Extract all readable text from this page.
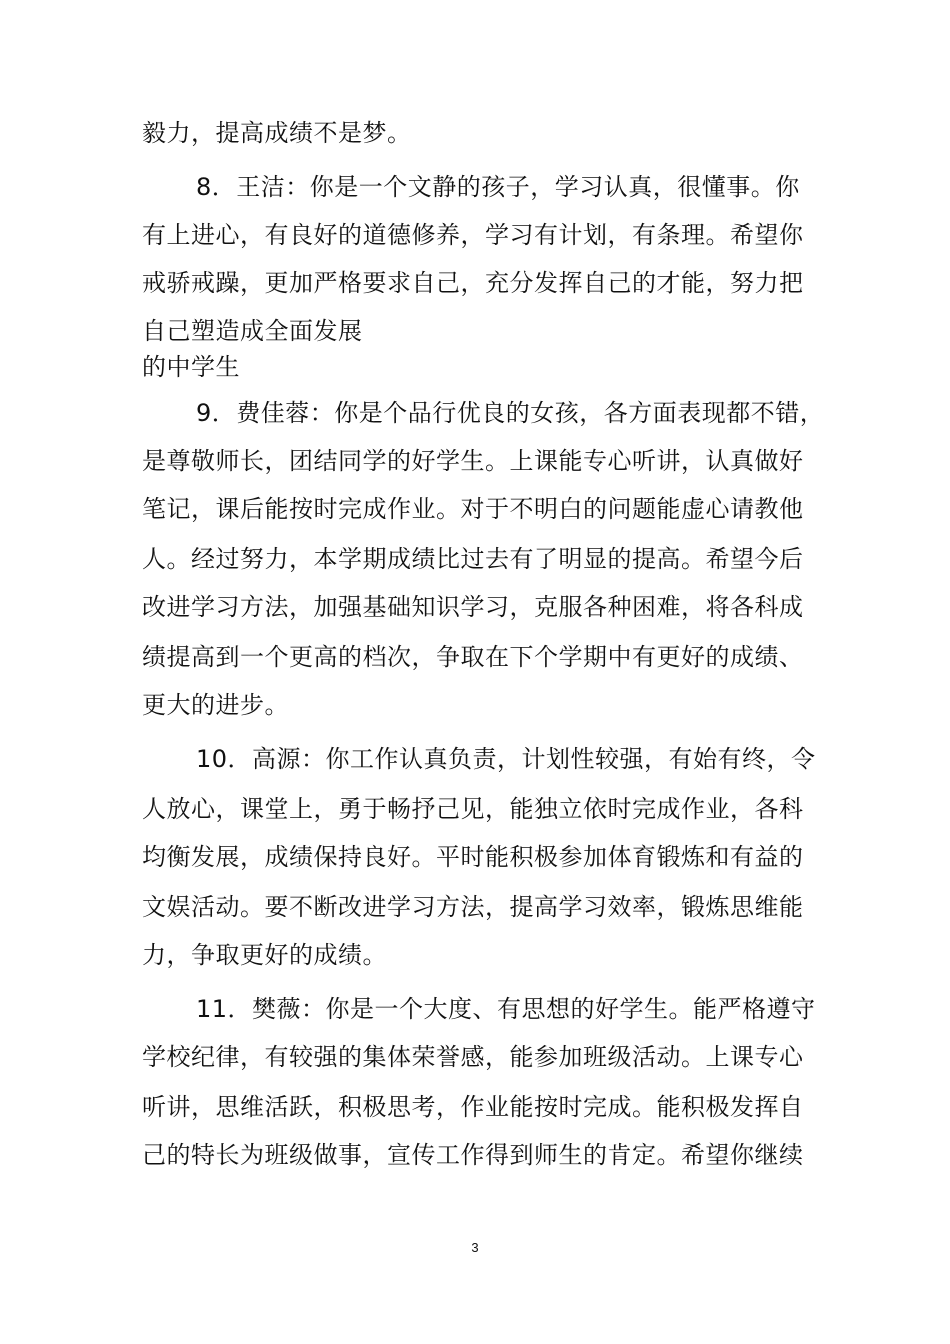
毅力，提高成绩不是梦。
8．王洁：你是一个文静的孩子，学习认真，很懂事。你
有上进心，有良好的道德修养，学习有计划，有条理。希望你
戒骄戒躁，更加严格要求自己，充分发挥自己的才能，努力把
自己塑造成全面发展
的中学生
9．费佳蓉：你是个品行优良的女孩，各方面表现都不错，
是尊敬师长，团结同学的好学生。上课能专心听讲，认真做好
笔记，课后能按时完成作业。对于不明白的问题能虚心请教他
人。经过努力，本学期成绩比过去有了明显的提高。希望今后
改进学习方法，加强基础知识学习，克服各种困难，将各科成
绩提高到一个更高的档次，争取在下个学期中有更好的成绩、
更大的进步。
10．高源：你工作认真负责，计划性较强，有始有终，令
人放心，课堂上，勇于畅抒己见，能独立依时完成作业，各科
均衡发展，成绩保持良好。平时能积极参加体育锻炼和有益的
文娱活动。要不断改进学习方法，提高学习效率，锻炼思维能
力，争取更好的成绩。
11．樊薇：你是一个大度、有思想的好学生。能严格遵守
学校纪律，有较强的集体荣誉感，能参加班级活动。上课专心
听讲，思维活跃，积极思考，作业能按时完成。能积极发挥自
己的特长为班级做事，宣传工作得到师生的肯定。希望你继续
3
